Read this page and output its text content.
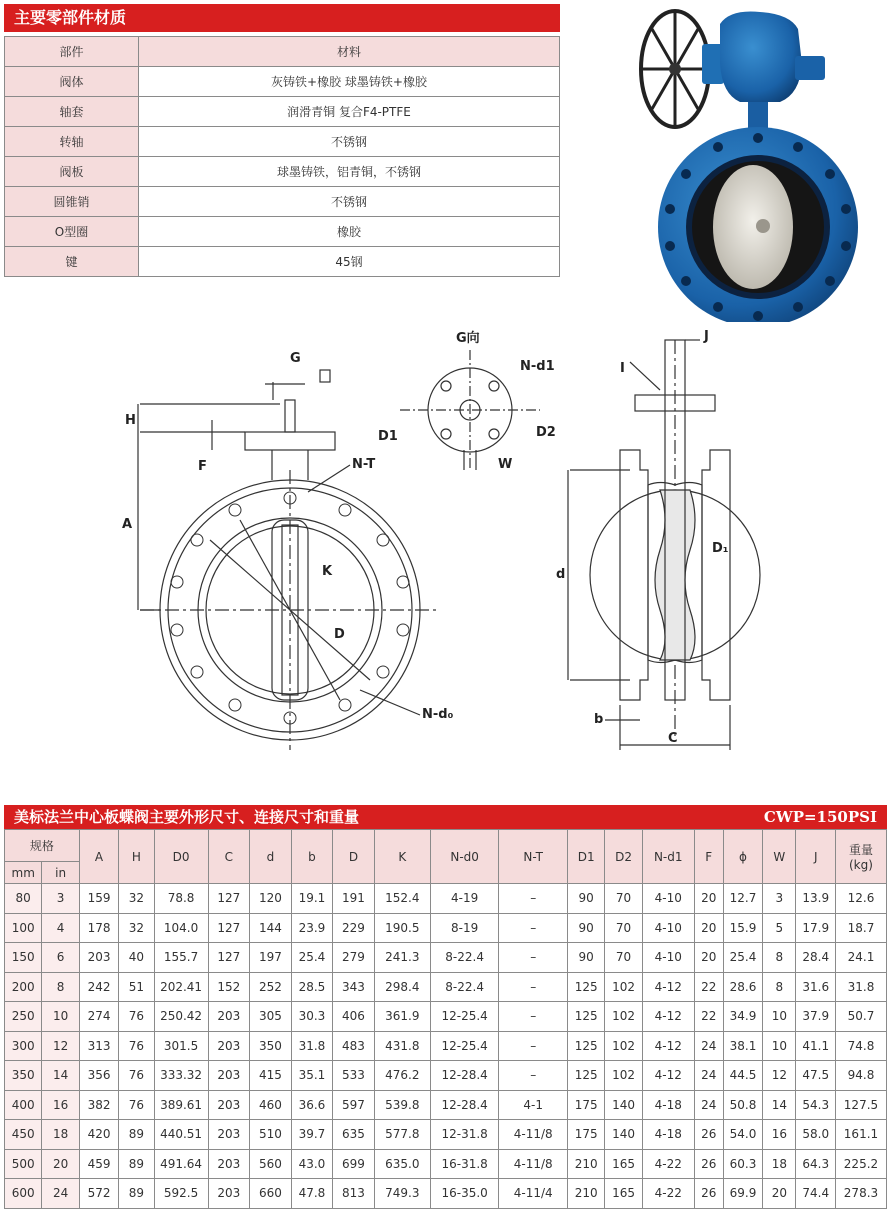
主要零部件材质
部件	材料
阀体	灰铸铁+橡胶 球墨铸铁+橡胶
轴套	润滑青铜 复合F4-PTFE
转轴	不锈钢
阀板	球墨铸铁，铝青铜，不锈钢
圆锥销	不锈钢
O型圈	橡胶
键	45钢
G
H
F
A
N-T
K
D
N-d₀
G向
N-d1
D1	D2
W
J
I
d
D₁
b
C
美标法兰中心板蝶阀主要外形尺寸、连接尺寸和重量	CWP=150PSI
规格		A	H	D0	C	d	b	D	K	N-d0	N-T	D1	D2	N-d1	F	ϕ	W	J	重量
(kg)
mm	in																		
80	3	159	32	78.8	127	120	19.1	191	152.4	4-19	–	90	70	4-10	20	12.7	3	13.9	12.6
100	4	178	32	104.0	127	144	23.9	229	190.5	8-19	–	90	70	4-10	20	15.9	5	17.9	18.7
150	6	203	40	155.7	127	197	25.4	279	241.3	8-22.4	–	90	70	4-10	20	25.4	8	28.4	24.1
200	8	242	51	202.41	152	252	28.5	343	298.4	8-22.4	–	125	102	4-12	22	28.6	8	31.6	31.8
250	10	274	76	250.42	203	305	30.3	406	361.9	12-25.4	–	125	102	4-12	22	34.9	10	37.9	50.7
300	12	313	76	301.5	203	350	31.8	483	431.8	12-25.4	–	125	102	4-12	24	38.1	10	41.1	74.8
350	14	356	76	333.32	203	415	35.1	533	476.2	12-28.4	–	125	102	4-12	24	44.5	12	47.5	94.8
400	16	382	76	389.61	203	460	36.6	597	539.8	12-28.4	4-1	175	140	4-18	24	50.8	14	54.3	127.5
450	18	420	89	440.51	203	510	39.7	635	577.8	12-31.8	4-11/8	175	140	4-18	26	54.0	16	58.0	161.1
500	20	459	89	491.64	203	560	43.0	699	635.0	16-31.8	4-11/8	210	165	4-22	26	60.3	18	64.3	225.2
600	24	572	89	592.5	203	660	47.8	813	749.3	16-35.0	4-11/4	210	165	4-22	26	69.9	20	74.4	278.3
